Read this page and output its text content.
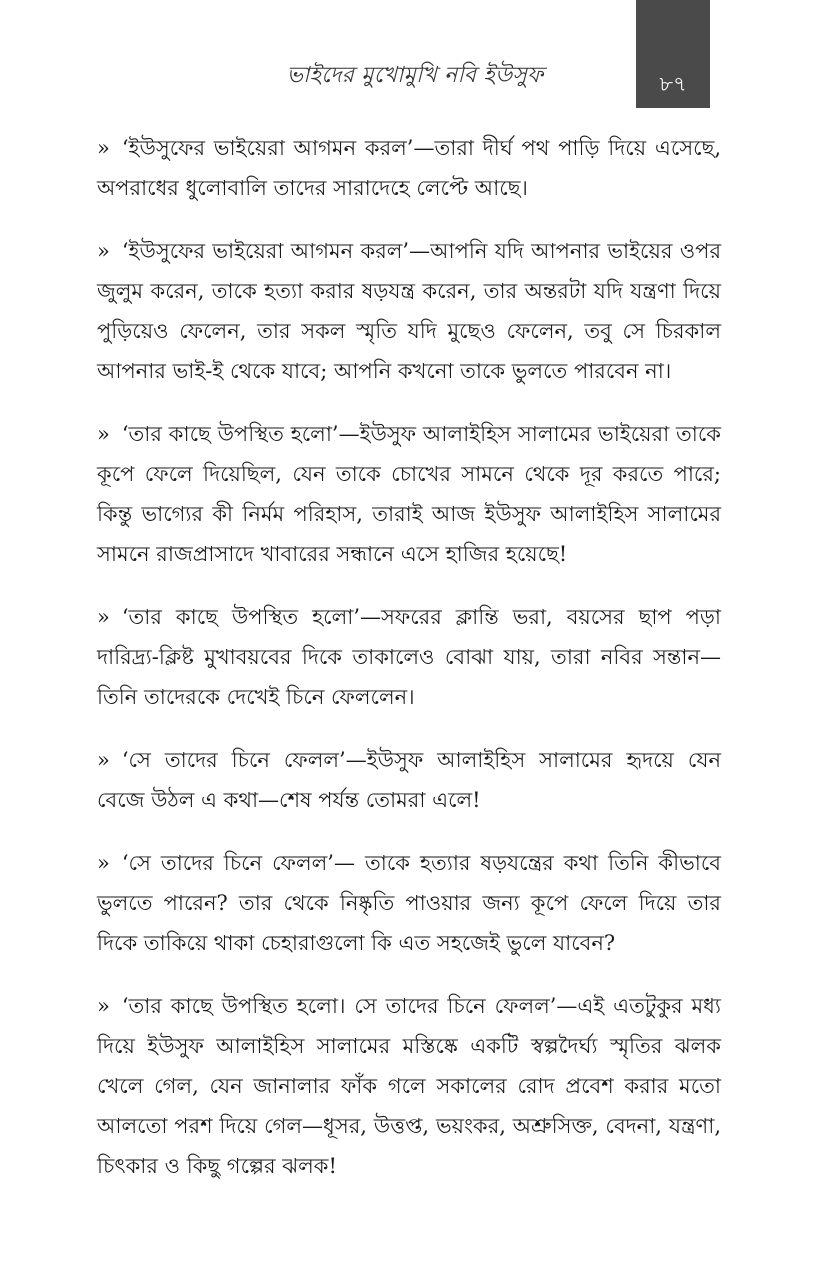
ভাইদের মুখোমুখি নবি ইউসুফ	৮৭

» ‘ইউসুফের ভাইয়েরা আগমন করল’—তারা দীর্ঘ পথ পাড়ি দিয়ে এসেছে, অপরাধের ধুলোবালি তাদের সারাদেহে লেপ্টে আছে।

» ‘ইউসুফের ভাইয়েরা আগমন করল’—আপনি যদি আপনার ভাইয়ের ওপর জুলুম করেন, তাকে হত্যা করার ষড়যন্ত্র করেন, তার অন্তরটা যদি যন্ত্রণা দিয়ে পুড়িয়েও ফেলেন, তার সকল স্মৃতি যদি মুছেও ফেলেন, তবু সে চিরকাল আপনার ভাই-ই থেকে যাবে; আপনি কখনো তাকে ভুলতে পারবেন না।

» ‘তার কাছে উপস্থিত হলো’—ইউসুফ আলাইহিস সালামের ভাইয়েরা তাকে কূপে ফেলে দিয়েছিল, যেন তাকে চোখের সামনে থেকে দূর করতে পারে; কিন্তু ভাগ্যের কী নির্মম পরিহাস, তারাই আজ ইউসুফ আলাইহিস সালামের সামনে রাজপ্রাসাদে খাবারের সন্ধানে এসে হাজির হয়েছে!

» ‘তার কাছে উপস্থিত হলো’—সফরের ক্লান্তি ভরা, বয়সের ছাপ পড়া দারিদ্র্য-ক্লিষ্ট মুখাবয়বের দিকে তাকালেও বোঝা যায়, তারা নবির সন্তান—তিনি তাদেরকে দেখেই চিনে ফেললেন।

» ‘সে তাদের চিনে ফেলল’—ইউসুফ আলাইহিস সালামের হৃদয়ে যেন বেজে উঠল এ কথা—শেষ পর্যন্ত তোমরা এলে!

» ‘সে তাদের চিনে ফেলল’— তাকে হত্যার ষড়যন্ত্রের কথা তিনি কীভাবে ভুলতে পারেন? তার থেকে নিষ্কৃতি পাওয়ার জন্য কূপে ফেলে দিয়ে তার দিকে তাকিয়ে থাকা চেহারাগুলো কি এত সহজেই ভুলে যাবেন?

» ‘তার কাছে উপস্থিত হলো। সে তাদের চিনে ফেলল’—এই এতটুকুর মধ্য দিয়ে ইউসুফ আলাইহিস সালামের মস্তিষ্কে একটি স্বল্পদৈর্ঘ্য স্মৃতির ঝলক খেলে গেল, যেন জানালার ফাঁক গলে সকালের রোদ প্রবেশ করার মতো আলতো পরশ দিয়ে গেল—ধূসর, উত্তপ্ত, ভয়ংকর, অশ্রুসিক্ত, বেদনা, যন্ত্রণা, চিৎকার ও কিছু গল্পের ঝলক!
